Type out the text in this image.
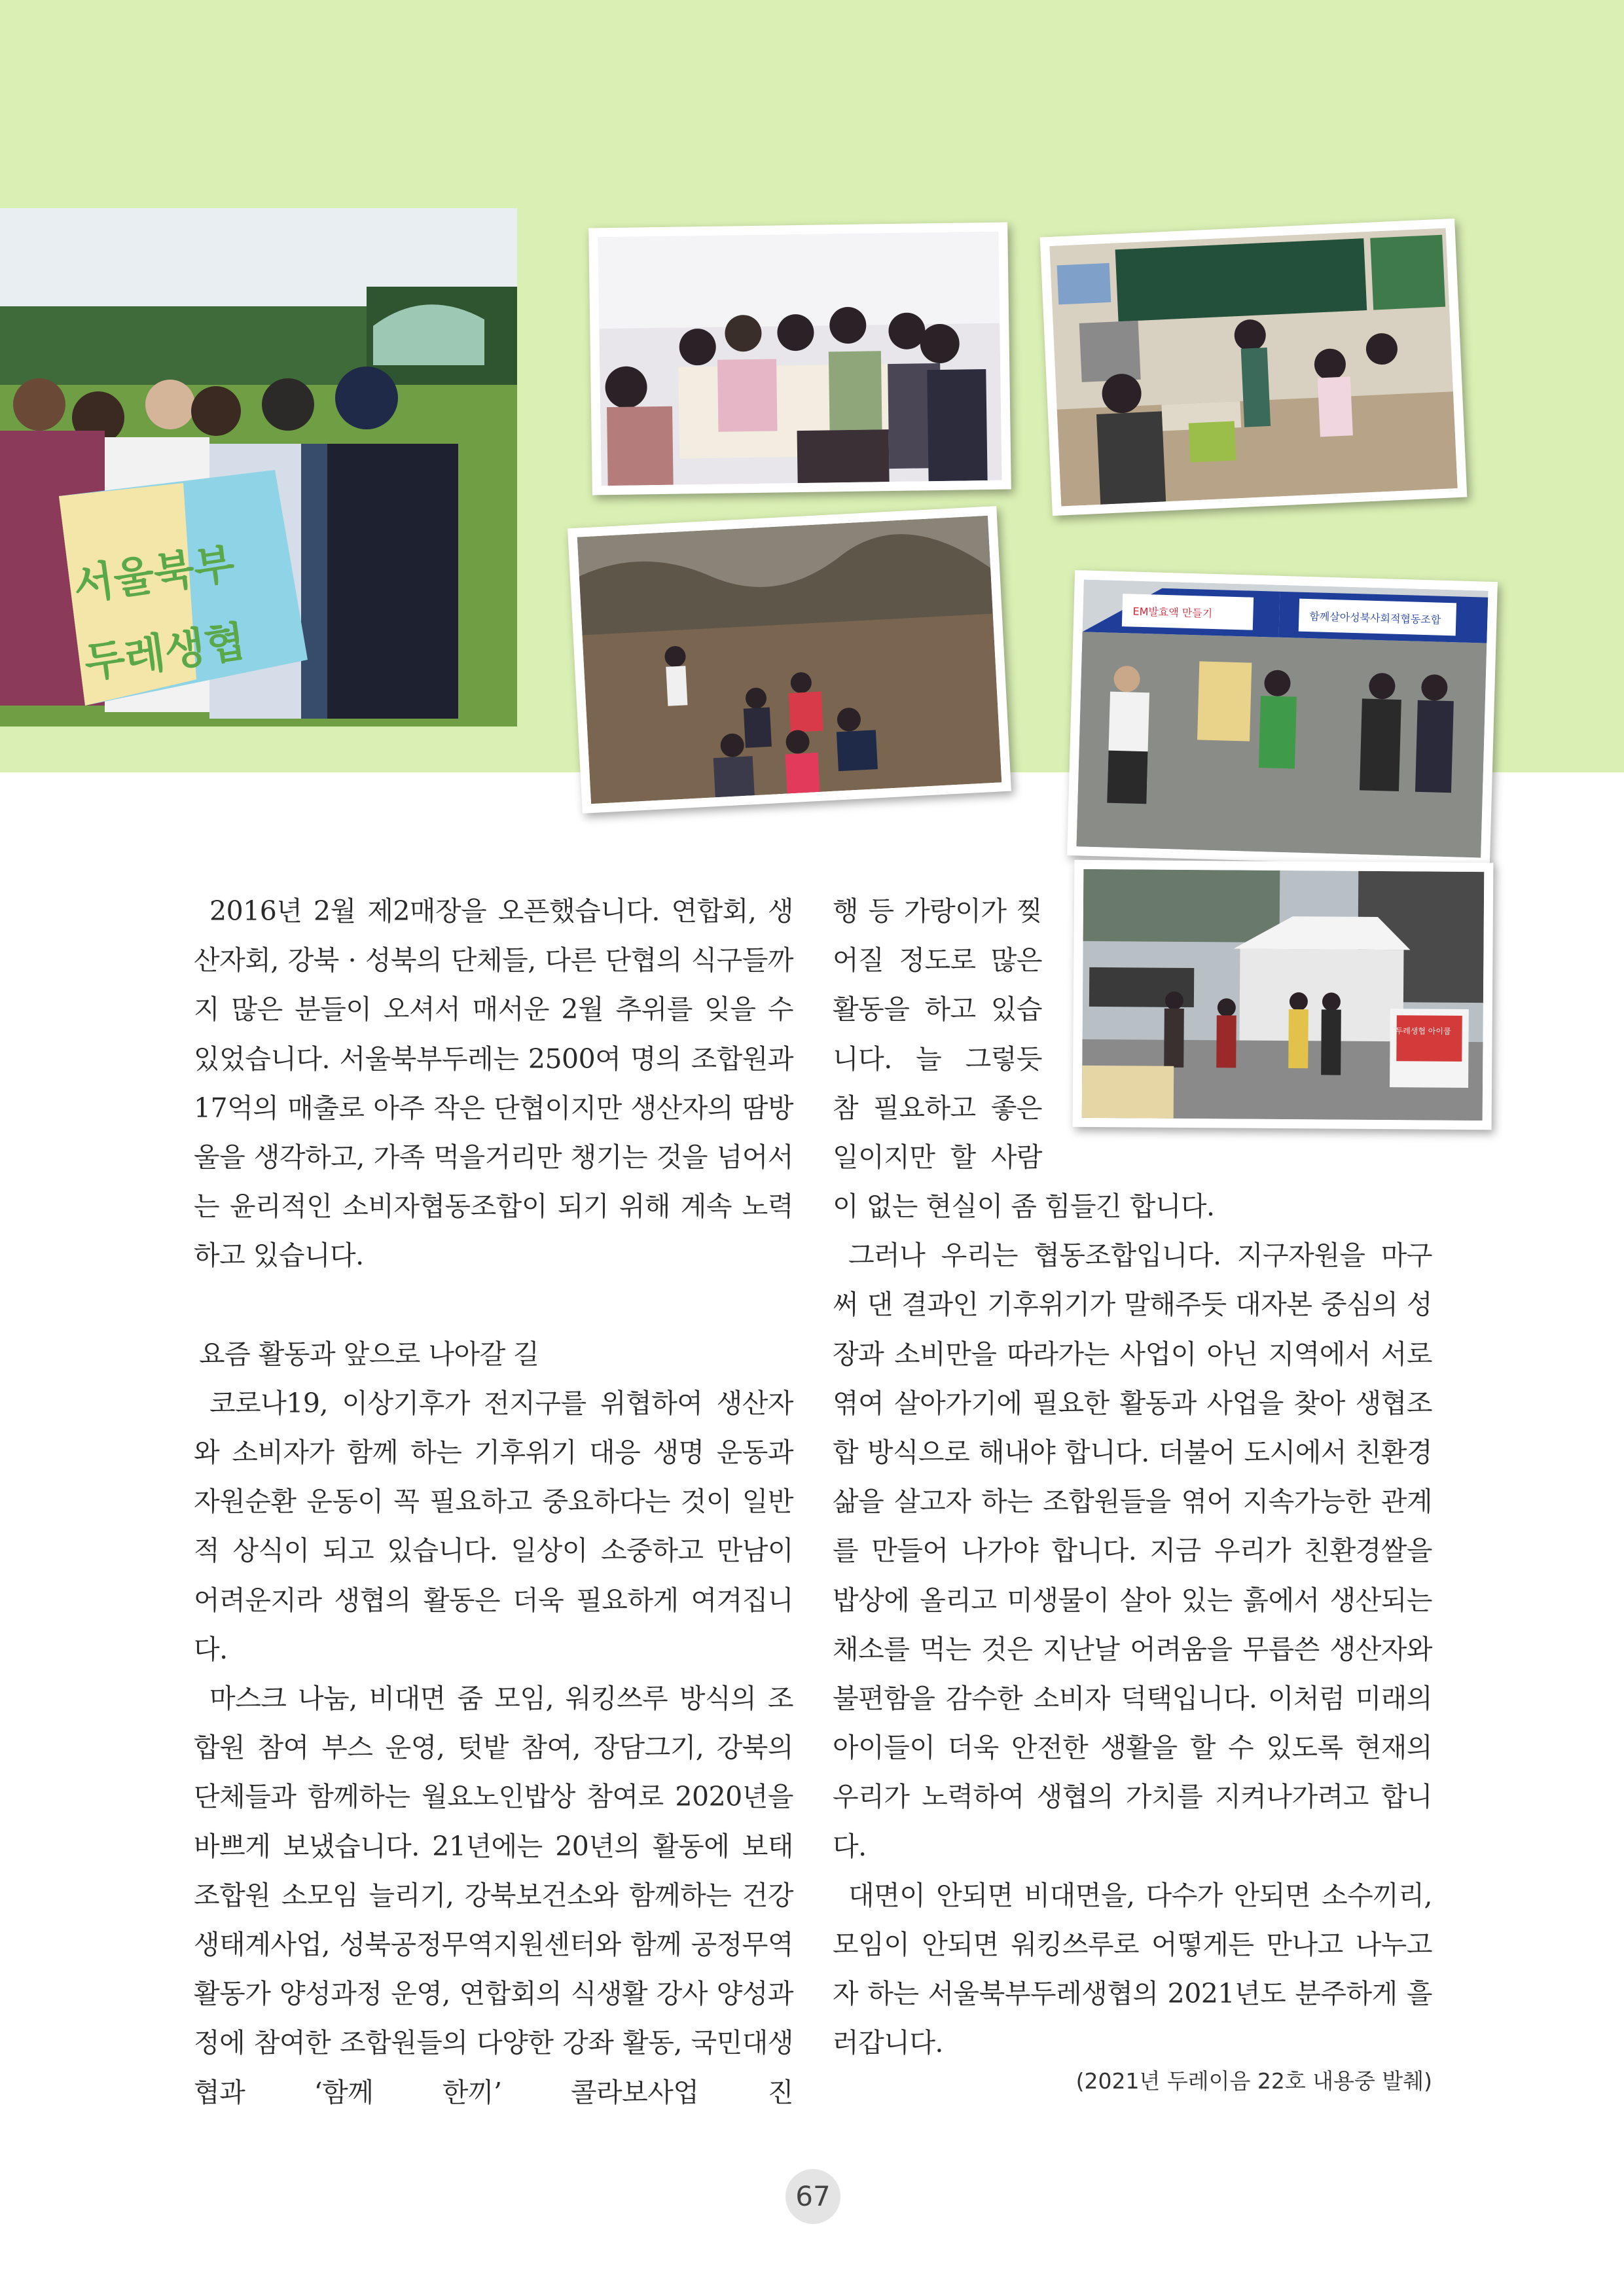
서울북부
두레생협
EM발효액 만들기	함께살아성북사회적협동조합
두레생협 아이쿱

2016년 2월 제2매장을 오픈했습니다. 연합회, 생산자회, 강북 · 성북의 단체들, 다른 단협의 식구들까지 많은 분들이 오셔서 매서운 2월 추위를 잊을 수 있었습니다. 서울북부두레는 2500여 명의 조합원과 17억의 매출로 아주 작은 단협이지만 생산자의 땀방울을 생각하고, 가족 먹을거리만 챙기는 것을 넘어서는 윤리적인 소비자협동조합이 되기 위해 계속 노력하고 있습니다.

요즘 활동과 앞으로 나아갈 길

코로나19, 이상기후가 전지구를 위협하여 생산자와 소비자가 함께 하는 기후위기 대응 생명 운동과 자원순환 운동이 꼭 필요하고 중요하다는 것이 일반적 상식이 되고 있습니다. 일상이 소중하고 만남이 어려운지라 생협의 활동은 더욱 필요하게 여겨집니다.

마스크 나눔, 비대면 줌 모임, 워킹쓰루 방식의 조합원 참여 부스 운영, 텃밭 참여, 장담그기, 강북의 단체들과 함께하는 월요노인밥상 참여로 2020년을 바쁘게 보냈습니다. 21년에는 20년의 활동에 보태 조합원 소모임 늘리기, 강북보건소와 함께하는 건강생태계사업, 성북공정무역지원센터와 함께 공정무역활동가 양성과정 운영, 연합회의 식생활 강사 양성과정에 참여한 조합원들의 다양한 강좌 활동, 국민대생협과 ‘함께 한끼’ 콜라보사업 진

행 등 가랑이가 찢
어질 정도로 많은
활동을 하고 있습
니다. 늘 그렇듯
참 필요하고 좋은
일이지만 할 사람
이 없는 현실이 좀 힘들긴 합니다.

그러나 우리는 협동조합입니다. 지구자원을 마구 써 댄 결과인 기후위기가 말해주듯 대자본 중심의 성장과 소비만을 따라가는 사업이 아닌 지역에서 서로 엮여 살아가기에 필요한 활동과 사업을 찾아 생협조합 방식으로 해내야 합니다. 더불어 도시에서 친환경 삶을 살고자 하는 조합원들을 엮어 지속가능한 관계를 만들어 나가야 합니다. 지금 우리가 친환경쌀을 밥상에 올리고 미생물이 살아 있는 흙에서 생산되는 채소를 먹는 것은 지난날 어려움을 무릅쓴 생산자와 불편함을 감수한 소비자 덕택입니다. 이처럼 미래의 아이들이 더욱 안전한 생활을 할 수 있도록 현재의 우리가 노력하여 생협의 가치를 지켜나가려고 합니다.

대면이 안되면 비대면을, 다수가 안되면 소수끼리, 모임이 안되면 워킹쓰루로 어떻게든 만나고 나누고자 하는 서울북부두레생협의 2021년도 분주하게 흘러갑니다.

(2021년 두레이음 22호 내용중 발췌)
67
